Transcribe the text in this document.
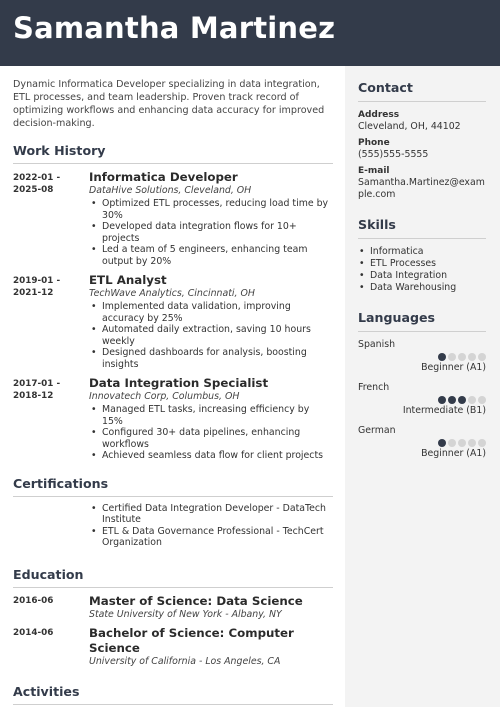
Samantha Martinez

Dynamic Informatica Developer specializing in data integration, ETL processes, and team leadership. Proven track record of optimizing workflows and enhancing data accuracy for improved decision-making.

Work History
2022-01 -
2025-08
Informatica Developer
DataHive Solutions, Cleveland, OH
• Optimized ETL processes, reducing load time by 30%
• Developed data integration flows for 10+ projects
• Led a team of 5 engineers, enhancing team output by 20%
2019-01 -
2021-12
ETL Analyst
TechWave Analytics, Cincinnati, OH
• Implemented data validation, improving accuracy by 25%
• Automated daily extraction, saving 10 hours weekly
• Designed dashboards for analysis, boosting insights
2017-01 -
2018-12
Data Integration Specialist
Innovatech Corp, Columbus, OH
• Managed ETL tasks, increasing efficiency by 15%
• Configured 30+ data pipelines, enhancing workflows
• Achieved seamless data flow for client projects
Certifications
• Certified Data Integration Developer - DataTech Institute
• ETL & Data Governance Professional - TechCert Organization
Education
2016-06	Master of Science: Data Science
State University of New York - Albany, NY
2014-06	Bachelor of Science: Computer Science
University of California - Los Angeles, CA
Activities
Contact
Address
Cleveland, OH, 44102
Phone
(555)555-5555
E-mail
Samantha.Martinez@example.com
Skills
• Informatica
• ETL Processes
• Data Integration
• Data Warehousing
Languages
Spanish
Beginner (A1)
French
Intermediate (B1)
German
Beginner (A1)
